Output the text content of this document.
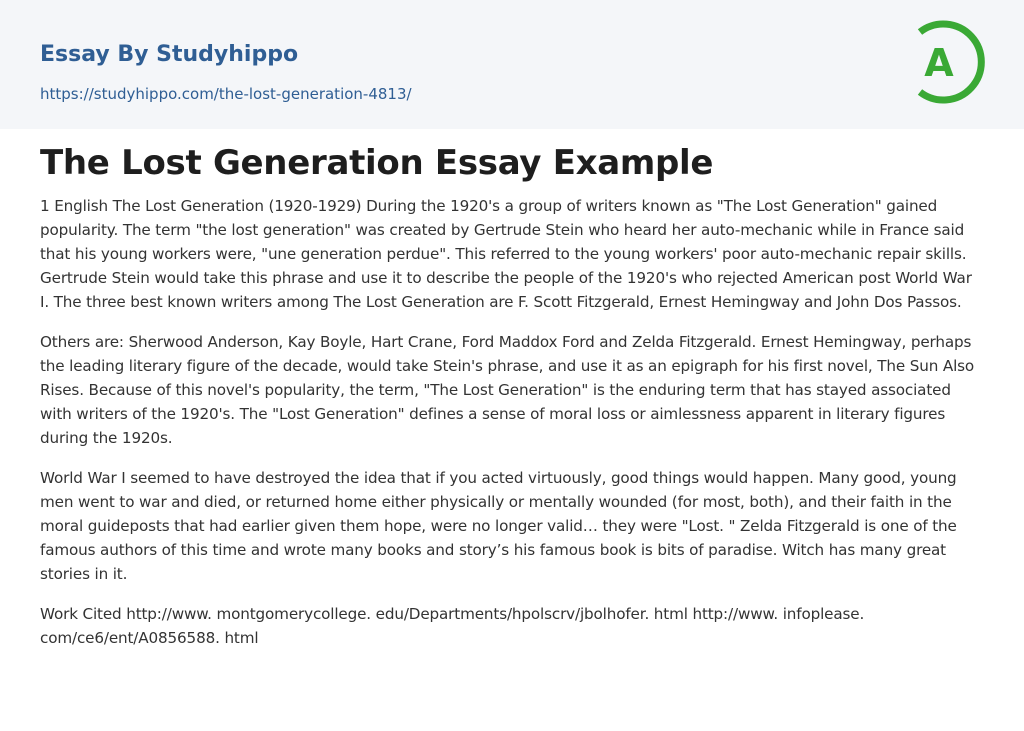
Essay By Studyhippo
https://studyhippo.com/the-lost-generation-4813/
A
The Lost Generation Essay Example

1 English The Lost Generation (1920-1929) During the 1920's a group of writers known as "The Lost Generation" gained popularity. The term "the lost generation" was created by Gertrude Stein who heard her auto-mechanic while in France said that his young workers were, "une generation perdue". This referred to the young workers' poor auto-mechanic repair skills. Gertrude Stein would take this phrase and use it to describe the people of the 1920's who rejected American post World War I. The three best known writers among The Lost Generation are F. Scott Fitzgerald, Ernest Hemingway and John Dos Passos.

Others are: Sherwood Anderson, Kay Boyle, Hart Crane, Ford Maddox Ford and Zelda Fitzgerald. Ernest Hemingway, perhaps the leading literary figure of the decade, would take Stein's phrase, and use it as an epigraph for his first novel, The Sun Also Rises. Because of this novel's popularity, the term, "The Lost Generation" is the enduring term that has stayed associated with writers of the 1920's. The "Lost Generation" defines a sense of moral loss or aimlessness apparent in literary figures during the 1920s.

World War I seemed to have destroyed the idea that if you acted virtuously, good things would happen. Many good, young men went to war and died, or returned home either physically or mentally wounded (for most, both), and their faith in the moral guideposts that had earlier given them hope, were no longer valid… they were "Lost. " Zelda Fitzgerald is one of the famous authors of this time and wrote many books and story’s his famous book is bits of paradise. Witch has many great stories in it.

Work Cited http://www. montgomerycollege. edu/Departments/hpolscrv/jbolhofer. html http://www. infoplease. com/ce6/ent/A0856588. html
